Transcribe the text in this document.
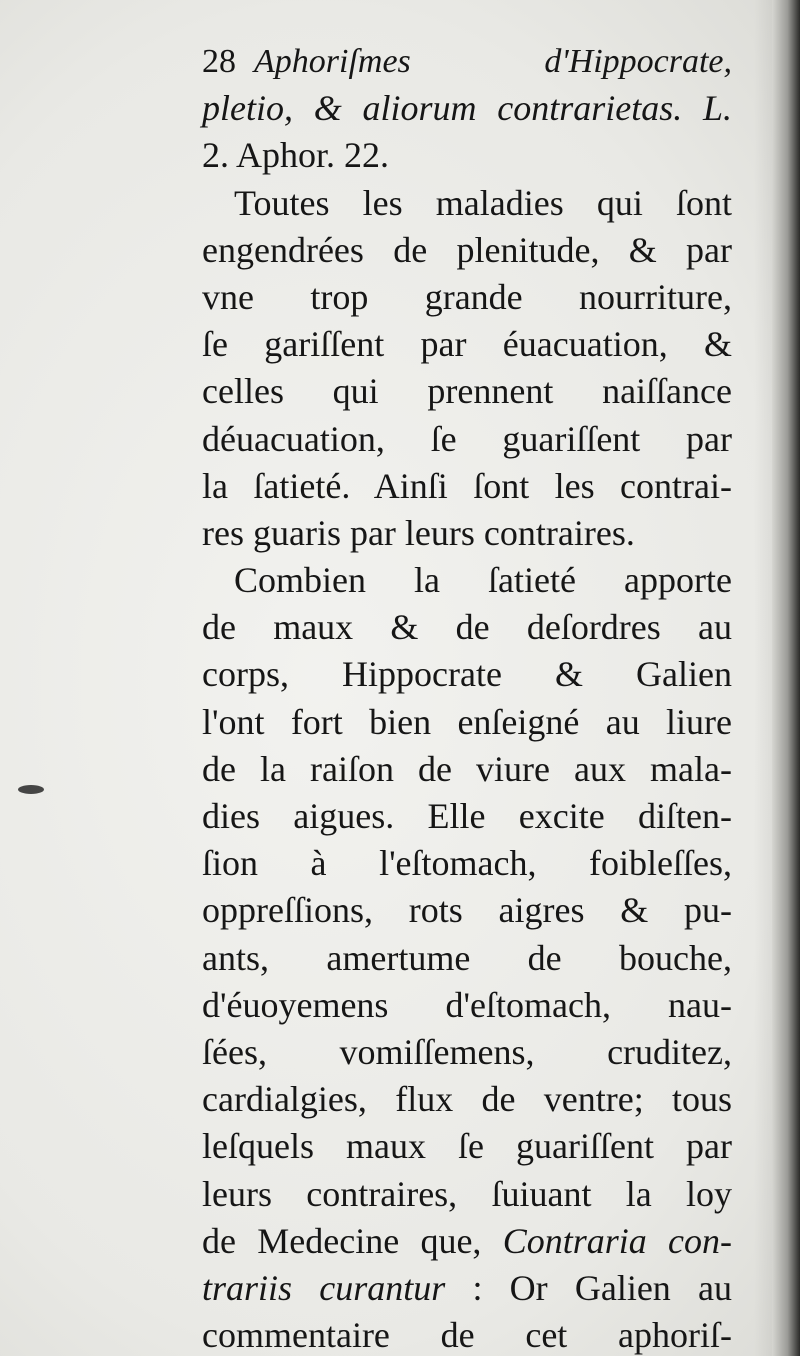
28 Aphoriſmes d'Hippocrate,
pletio, & aliorum contrarietas. L.
2. Aphor. 22.
Toutes les maladies qui ſont
engendrées de plenitude, & par
vne trop grande nourriture,
ſe gariſſent par éuacuation, &
celles qui prennent naiſſance
déuacuation, ſe guariſſent par
la ſatieté. Ainſi ſont les contrai-
res guaris par leurs contraires.
Combien la ſatieté apporte
de maux & de deſordres au
corps, Hippocrate & Galien
l'ont fort bien enſeigné au liure
de la raiſon de viure aux mala-
dies aigues. Elle excite diſten-
ſion à l'eſtomach, foibleſſes,
oppreſſions, rots aigres & pu-
ants, amertume de bouche,
d'éuoyemens d'eſtomach, nau-
ſées, vomiſſemens, cruditez,
cardialgies, flux de ventre; tous
leſquels maux ſe guariſſent par
leurs contraires, ſuiuant la loy
de Medecine que, Contraria con-
trariis curantur : Or Galien au
commentaire de cet aphoriſ-
